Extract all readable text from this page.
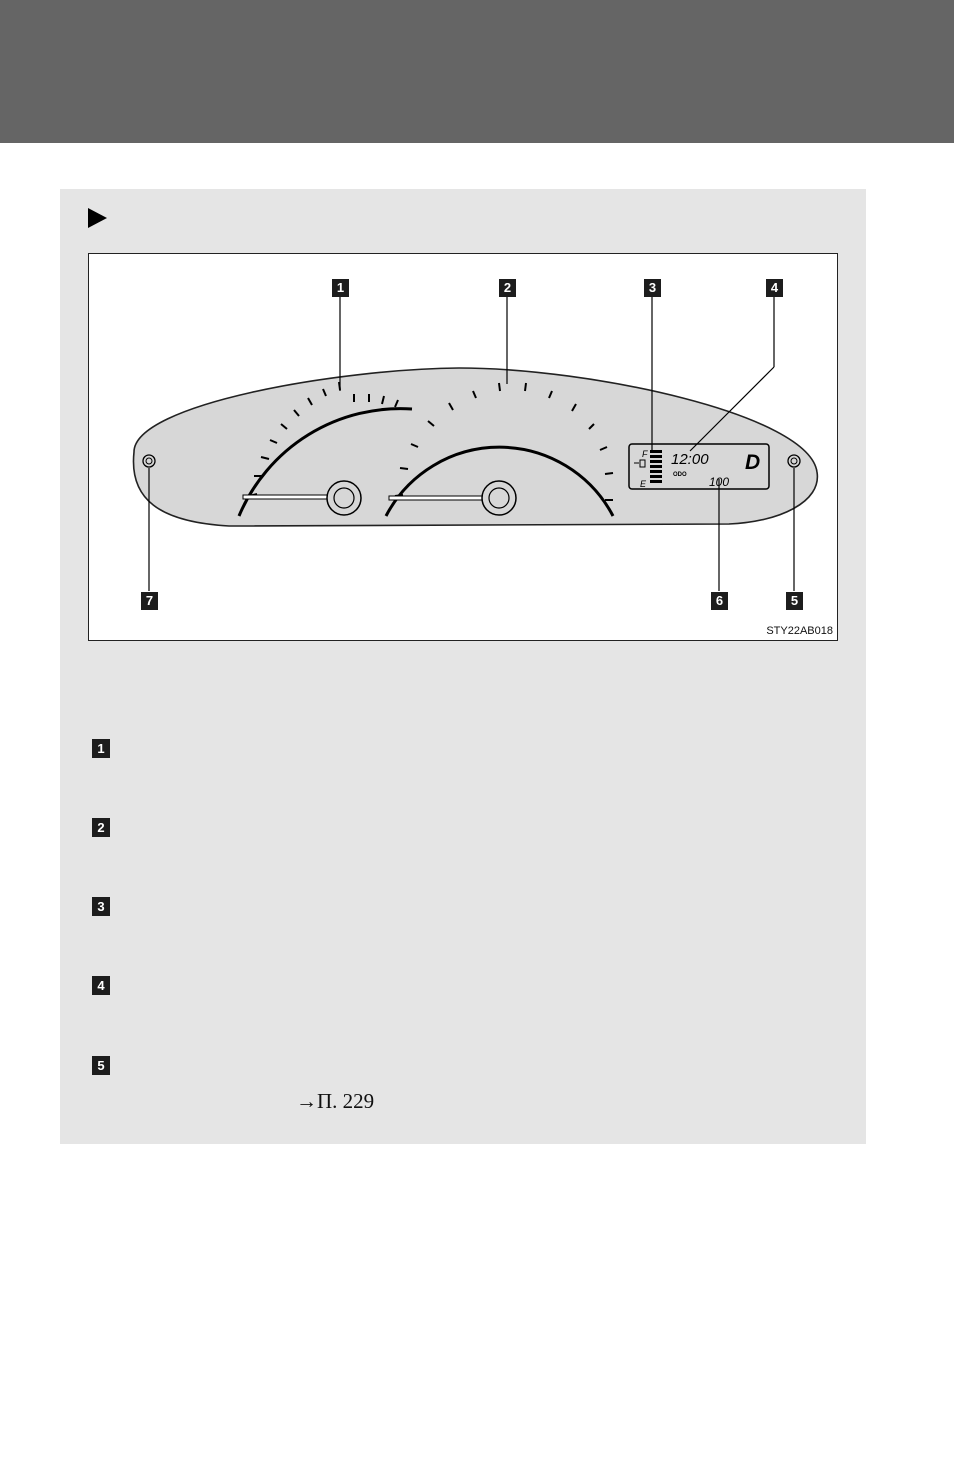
F
E
12:00
ODO 100
D
1	2	3	4
5
6
7
STY22AB018
1
2
3
4
5
→П. 229
